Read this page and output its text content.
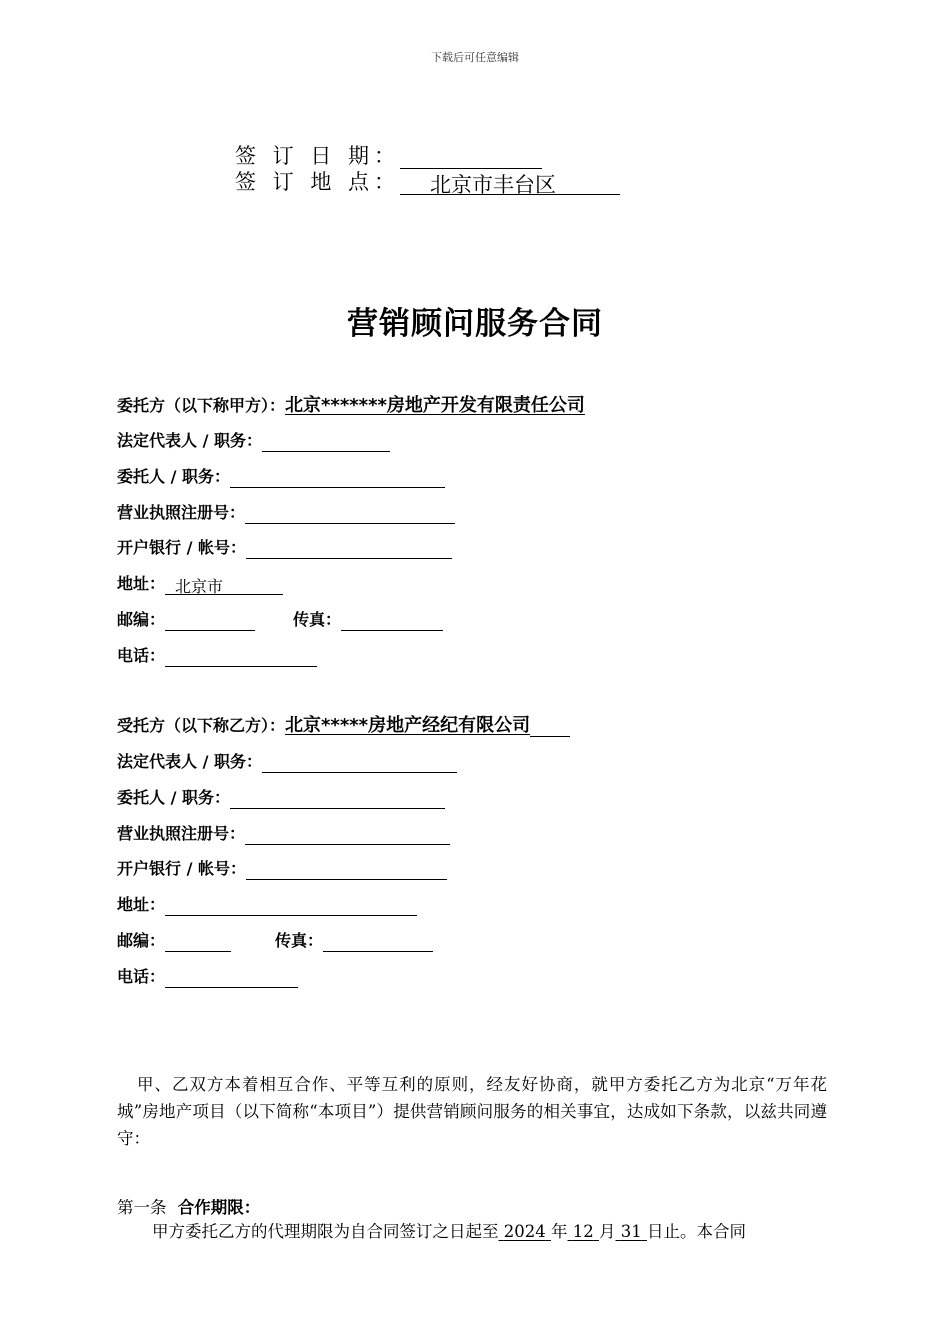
下载后可任意编辑
签 订 日 期：
签 订 地 点： 北京市丰台区
营销顾问服务合同
委托方（以下称甲方）：北京*******房地产开发有限责任公司
法定代表人 / 职务：
委托人 / 职务：
营业执照注册号：
开户银行 / 帐号：
地址： 北京市
邮编：	传真：
电话：
受托方（以下称乙方）：北京*****房地产经纪有限公司
法定代表人 / 职务：
委托人 / 职务：
营业执照注册号：
开户银行 / 帐号：
地址：
邮编：	传真：
电话：
甲、乙双方本着相互合作、平等互利的原则，经友好协商，就甲方委托乙方为北京“万年花城”房地产项目（以下简称“本项目”）提供营销顾问服务的相关事宜，达成如下条款，以兹共同遵守：
第一条 合作期限：
甲方委托乙方的代理期限为自合同签订之日起至 2024 年 12 月 31 日止。本合同
